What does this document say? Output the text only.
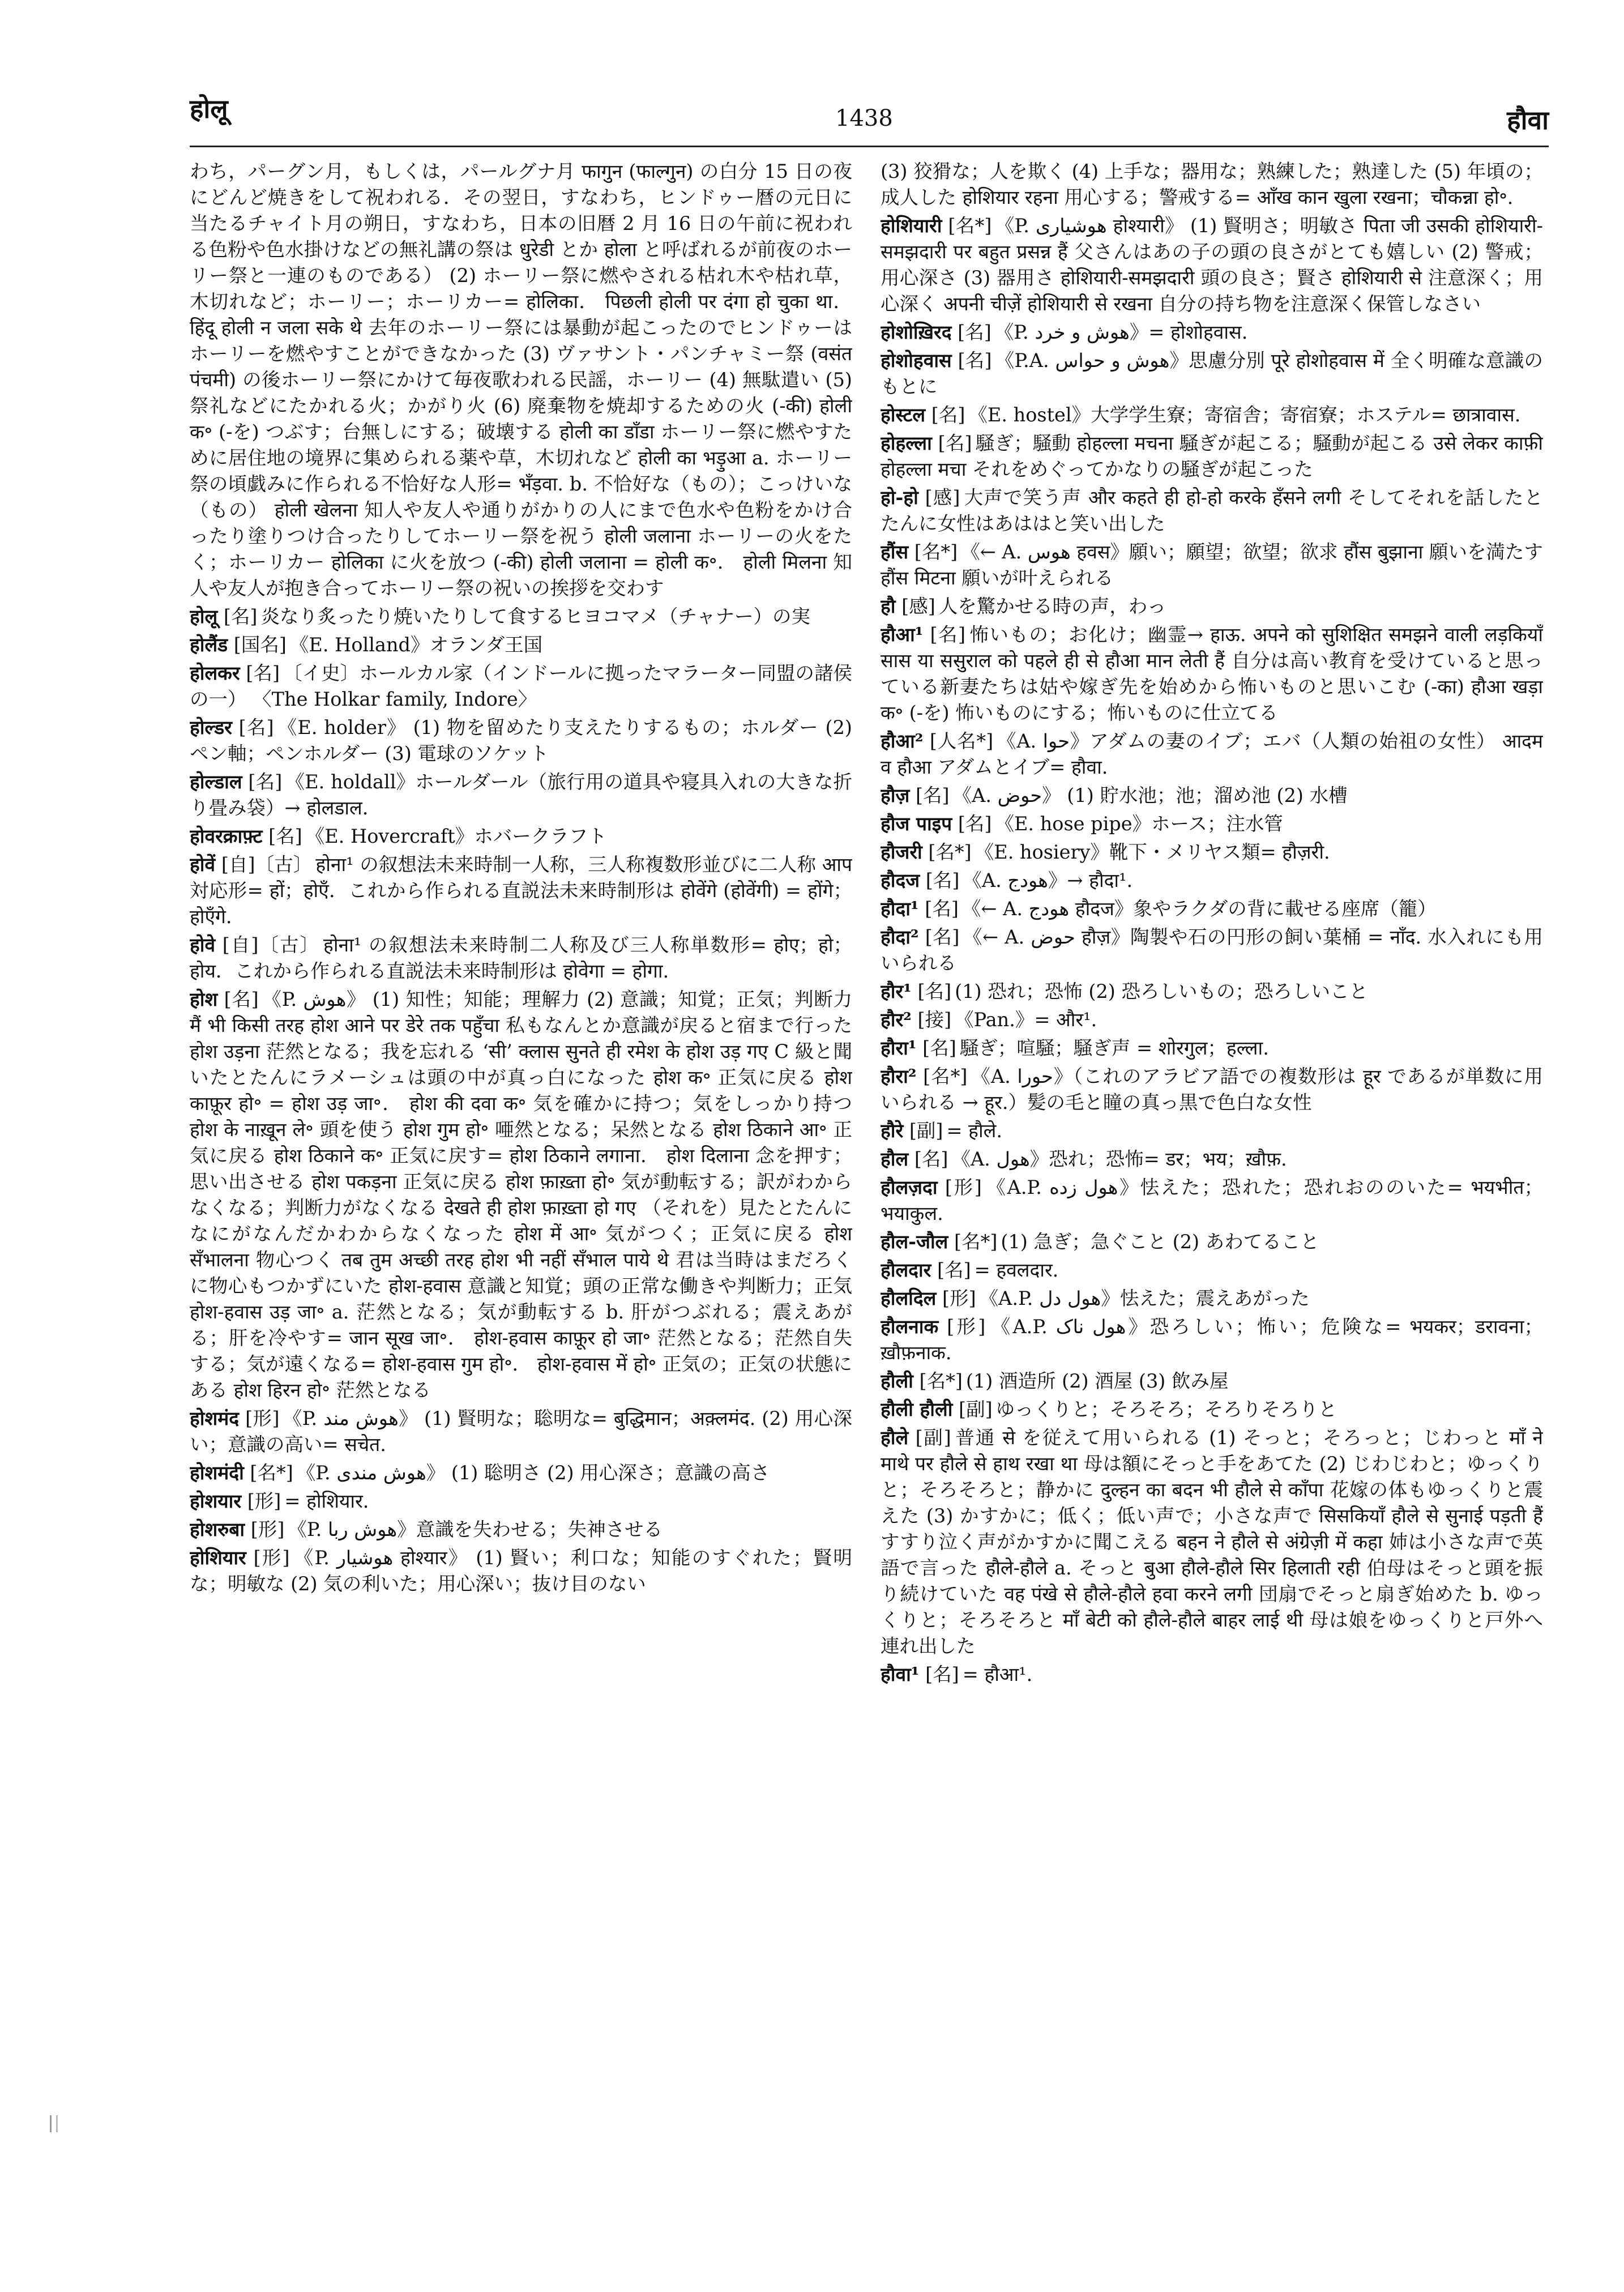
होलू	1438	हौवा

わち，パーグン月，もしくは，パールグナ月 फागुन (फाल्गुन) の白分 15 日の夜にどんど焼きをして祝われる．その翌日，すなわち，ヒンドゥー暦の元日に当たるチャイト月の朔日，すなわち，日本の旧暦 2 月 16 日の午前に祝われる色粉や色水掛けなどの無礼講の祭は धुरेडी とか होला と呼ばれるが前夜のホーリー祭と一連のものである） (2) ホーリー祭に燃やされる枯れ木や枯れ草，木切れなど；ホーリー；ホーリカー= होलिका． पिछली होली पर दंगा हो चुका था．हिंदू होली न जला सके थे 去年のホーリー祭には暴動が起こったのでヒンドゥーはホーリーを燃やすことができなかった (3) ヴァサント・パンチャミー祭 (वसंत पंचमी) の後ホーリー祭にかけて毎夜歌われる民謡，ホーリー (4) 無駄遣い (5) 祭礼などにたかれる火；かがり火 (6) 廃棄物を焼却するための火 (-की) होली क॰ (-を) つぶす；台無しにする；破壊する होली का डाँडा ホーリー祭に燃やすために居住地の境界に集められる薬や草，木切れなど होली का भड़ुआ a. ホーリー祭の頃戯みに作られる不恰好な人形= भँड़वा. b. 不恰好な（もの）；こっけいな（もの） होली खेलना 知人や友人や通りがかりの人にまで色水や色粉をかけ合ったり塗りつけ合ったりしてホーリー祭を祝う होली जलाना ホーリーの火をたく；ホーリカー होलिका に火を放つ (-की) होली जलाना = होली क॰． होली मिलना 知人や友人が抱き合ってホーリー祭の祝いの挨拶を交わす

होलू [名] 炎なり炙ったり焼いたりして食するヒヨコマメ（チャナー）の実

होलैंड [国名] 《E. Holland》オランダ王国

होलकर [名] 〔イ史〕ホールカル家（インドールに拠ったマラーター同盟の諸侯の一） 〈The Holkar family, Indore〉

होल्डर [名] 《E. holder》 (1) 物を留めたり支えたりするもの；ホルダー (2) ペン軸；ペンホルダー (3) 電球のソケット

होल्डाल [名] 《E. holdall》ホールダール（旅行用の道具や寝具入れの大きな折り畳み袋）→ होलडाल.

होवरक्राफ़्ट [名] 《E. Hovercraft》ホバークラフト

होवें [自]〔古〕 होना¹ の叙想法未来時制一人称，三人称複数形並びに二人称 आप 対応形= हों；होएँ．これから作られる直説法未来時制形は होवेंगे (होवेंगी) = होंगे；होएँगे.

होवे [自]〔古〕 होना¹ の叙想法未来時制二人称及び三人称単数形= होए；हो；होय．これから作られる直説法未来時制形は होवेगा = होगा.

होश [名] 《P. هوش》 (1) 知性；知能；理解力 (2) 意識；知覚；正気；判断力 मैं भी किसी तरह होश आने पर डेरे तक पहुँचा 私もなんとか意識が戻ると宿まで行った होश उड़ना 茫然となる；我を忘れる ‘सी’ क्लास सुनते ही रमेश के होश उड़ गए C 級と聞いたとたんにラメーシュは頭の中が真っ白になった होश क॰ 正気に戻る होश काफ़ूर हो॰ = होश उड़ जा॰． होश की दवा क॰ 気を確かに持つ；気をしっかり持つ होश के नाख़ून ले॰ 頭を使う होश गुम हो॰ 唖然となる；呆然となる होश ठिकाने आ॰ 正気に戻る होश ठिकाने क॰ 正気に戻す= होश ठिकाने लगाना． होश दिलाना 念を押す；思い出させる होश पकड़ना 正気に戻る होश फ़ाख़्ता हो॰ 気が動転する；訳がわからなくなる；判断力がなくなる देखते ही होश फ़ाख़्ता हो गए （それを）見たとたんになにがなんだかわからなくなった होश में आ॰ 気がつく；正気に戻る होश सँभालना 物心つく तब तुम अच्छी तरह होश भी नहीं सँभाल पाये थे 君は当時はまだろくに物心もつかずにいた होश-हवास 意識と知覚；頭の正常な働きや判断力；正気 होश-हवास उड़ जा॰ a. 茫然となる；気が動転する b. 肝がつぶれる；震えあがる；肝を冷やす= जान सूख जा॰． होश-हवास काफ़ूर हो जा॰ 茫然となる；茫然自失する；気が遠くなる= होश-हवास गुम हो॰． होश-हवास में हो॰ 正気の；正気の状態にある होश हिरन हो॰ 茫然となる

होशमंद [形] 《P. هوش مند》 (1) 賢明な；聡明な= बुद्धिमान；अक़्लमंद. (2) 用心深い；意識の高い= सचेत.

होशमंदी [名*] 《P. هوش مندی》 (1) 聡明さ (2) 用心深さ；意識の高さ

होशयार [形] = होशियार.

होशरुबा [形] 《P. هوش ربا》意識を失わせる；失神させる

होशियार [形] 《P. هوشیار होश्यार》 (1) 賢い；利口な；知能のすぐれた；賢明な；明敏な (2) 気の利いた；用心深い；抜け目のない

(3) 狡猾な；人を欺く (4) 上手な；器用な；熟練した；熟達した (5) 年頃の；成人した होशियार रहना 用心する；警戒する= आँख कान खुला रखना；चौकन्ना हो॰.

होशियारी [名*] 《P. هوشیاری होश्यारी》 (1) 賢明さ；明敏さ पिता जी उसकी होशियारी-समझदारी पर बहुत प्रसन्न हैं 父さんはあの子の頭の良さがとても嬉しい (2) 警戒；用心深さ (3) 器用さ होशियारी-समझदारी 頭の良さ；賢さ होशियारी से 注意深く；用心深く अपनी चीज़ें होशियारी से रखना 自分の持ち物を注意深く保管しなさい

होशोख़िरद [名] 《P. هوش و خرد》= होशोहवास.

होशोहवास [名] 《P.A. هوش و حواس》思慮分別 पूरे होशोहवास में 全く明確な意識のもとに

होस्टल [名] 《E. hostel》大学学生寮；寄宿舎；寄宿寮；ホステル= छात्रावास.

होहल्ला [名] 騒ぎ；騒動 होहल्ला मचना 騒ぎが起こる；騒動が起こる उसे लेकर काफ़ी होहल्ला मचा それをめぐってかなりの騒ぎが起こった

हो-हो [感] 大声で笑う声 और कहते ही हो-हो करके हँसने लगी そしてそれを話したとたんに女性はあははと笑い出した

हौंस [名*] 《← A. هوس हवस》願い；願望；欲望；欲求 हौंस बुझाना 願いを満たす हौंस मिटना 願いが叶えられる

हौ [感] 人を驚かせる時の声，わっ

हौआ¹ [名] 怖いもの；お化け；幽霊→ हाऊ. अपने को सुशिक्षित समझने वाली लड़कियाँ सास या ससुराल को पहले ही से हौआ मान लेती हैं 自分は高い教育を受けていると思っている新妻たちは姑や嫁ぎ先を始めから怖いものと思いこむ (-का) हौआ खड़ा क॰ (-を) 怖いものにする；怖いものに仕立てる

हौआ² [人名*] 《A. حوا》アダムの妻のイブ；エバ（人類の始祖の女性） आदम व हौआ アダムとイブ= हौवा.

हौज़ [名] 《A. حوض》 (1) 貯水池；池；溜め池 (2) 水槽

हौज पाइप [名] 《E. hose pipe》ホース；注水管

हौजरी [名*] 《E. hosiery》靴下・メリヤス類= हौज़री.

हौदज [名] 《A. هودج》→ हौदा¹.

हौदा¹ [名] 《← A. هودج हौदज》象やラクダの背に載せる座席（籠）

हौदा² [名] 《← A. حوض हौज़》陶製や石の円形の飼い葉桶 = नाँद. 水入れにも用いられる

हौर¹ [名] (1) 恐れ；恐怖 (2) 恐ろしいもの；恐ろしいこと

हौर² [接] 《Pan.》= और¹.

हौरा¹ [名] 騒ぎ；喧騒；騒ぎ声 = शोरगुल；हल्ला.

हौरा² [名*] 《A. حورا》（これのアラビア語での複数形は हूर であるが単数に用いられる → हूर.）髪の毛と瞳の真っ黒で色白な女性

हौरे [副] = हौले.

हौल [名] 《A. هول》恐れ；恐怖= डर；भय；ख़ौफ़.

हौलज़दा [形] 《A.P. هول زده》怯えた；恐れた；恐れおののいた= भयभीत；भयाकुल.

हौल-जौल [名*] (1) 急ぎ；急ぐこと (2) あわてること

हौलदार [名] = हवलदार.

हौलदिल [形] 《A.P. هول دل》怯えた；震えあがった

हौलनाक [形] 《A.P. هول ناک》恐ろしい；怖い；危険な= भयकर；डरावना；ख़ौफ़नाक.

हौली [名*] (1) 酒造所 (2) 酒屋 (3) 飲み屋

हौली हौली [副] ゆっくりと；そろそろ；そろりそろりと

हौले [副] 普通 से を従えて用いられる (1) そっと；そろっと；じわっと माँ ने माथे पर हौले से हाथ रखा था 母は額にそっと手をあてた (2) じわじわと；ゆっくりと；そろそろと；静かに दुल्हन का बदन भी हौले से काँपा 花嫁の体もゆっくりと震えた (3) かすかに；低く；低い声で；小さな声で सिसकियाँ हौले से सुनाई पड़ती हैं すすり泣く声がかすかに聞こえる बहन ने हौले से अंग्रेज़ी में कहा 姉は小さな声で英語で言った हौले-हौले a. そっと बुआ हौले-हौले सिर हिलाती रही 伯母はそっと頭を振り続けていた वह पंखे से हौले-हौले हवा करने लगी 団扇でそっと扇ぎ始めた b. ゆっくりと；そろそろと माँ बेटी को हौले-हौले बाहर लाई थी 母は娘をゆっくりと戸外へ連れ出した

हौवा¹ [名] = हौआ¹.
